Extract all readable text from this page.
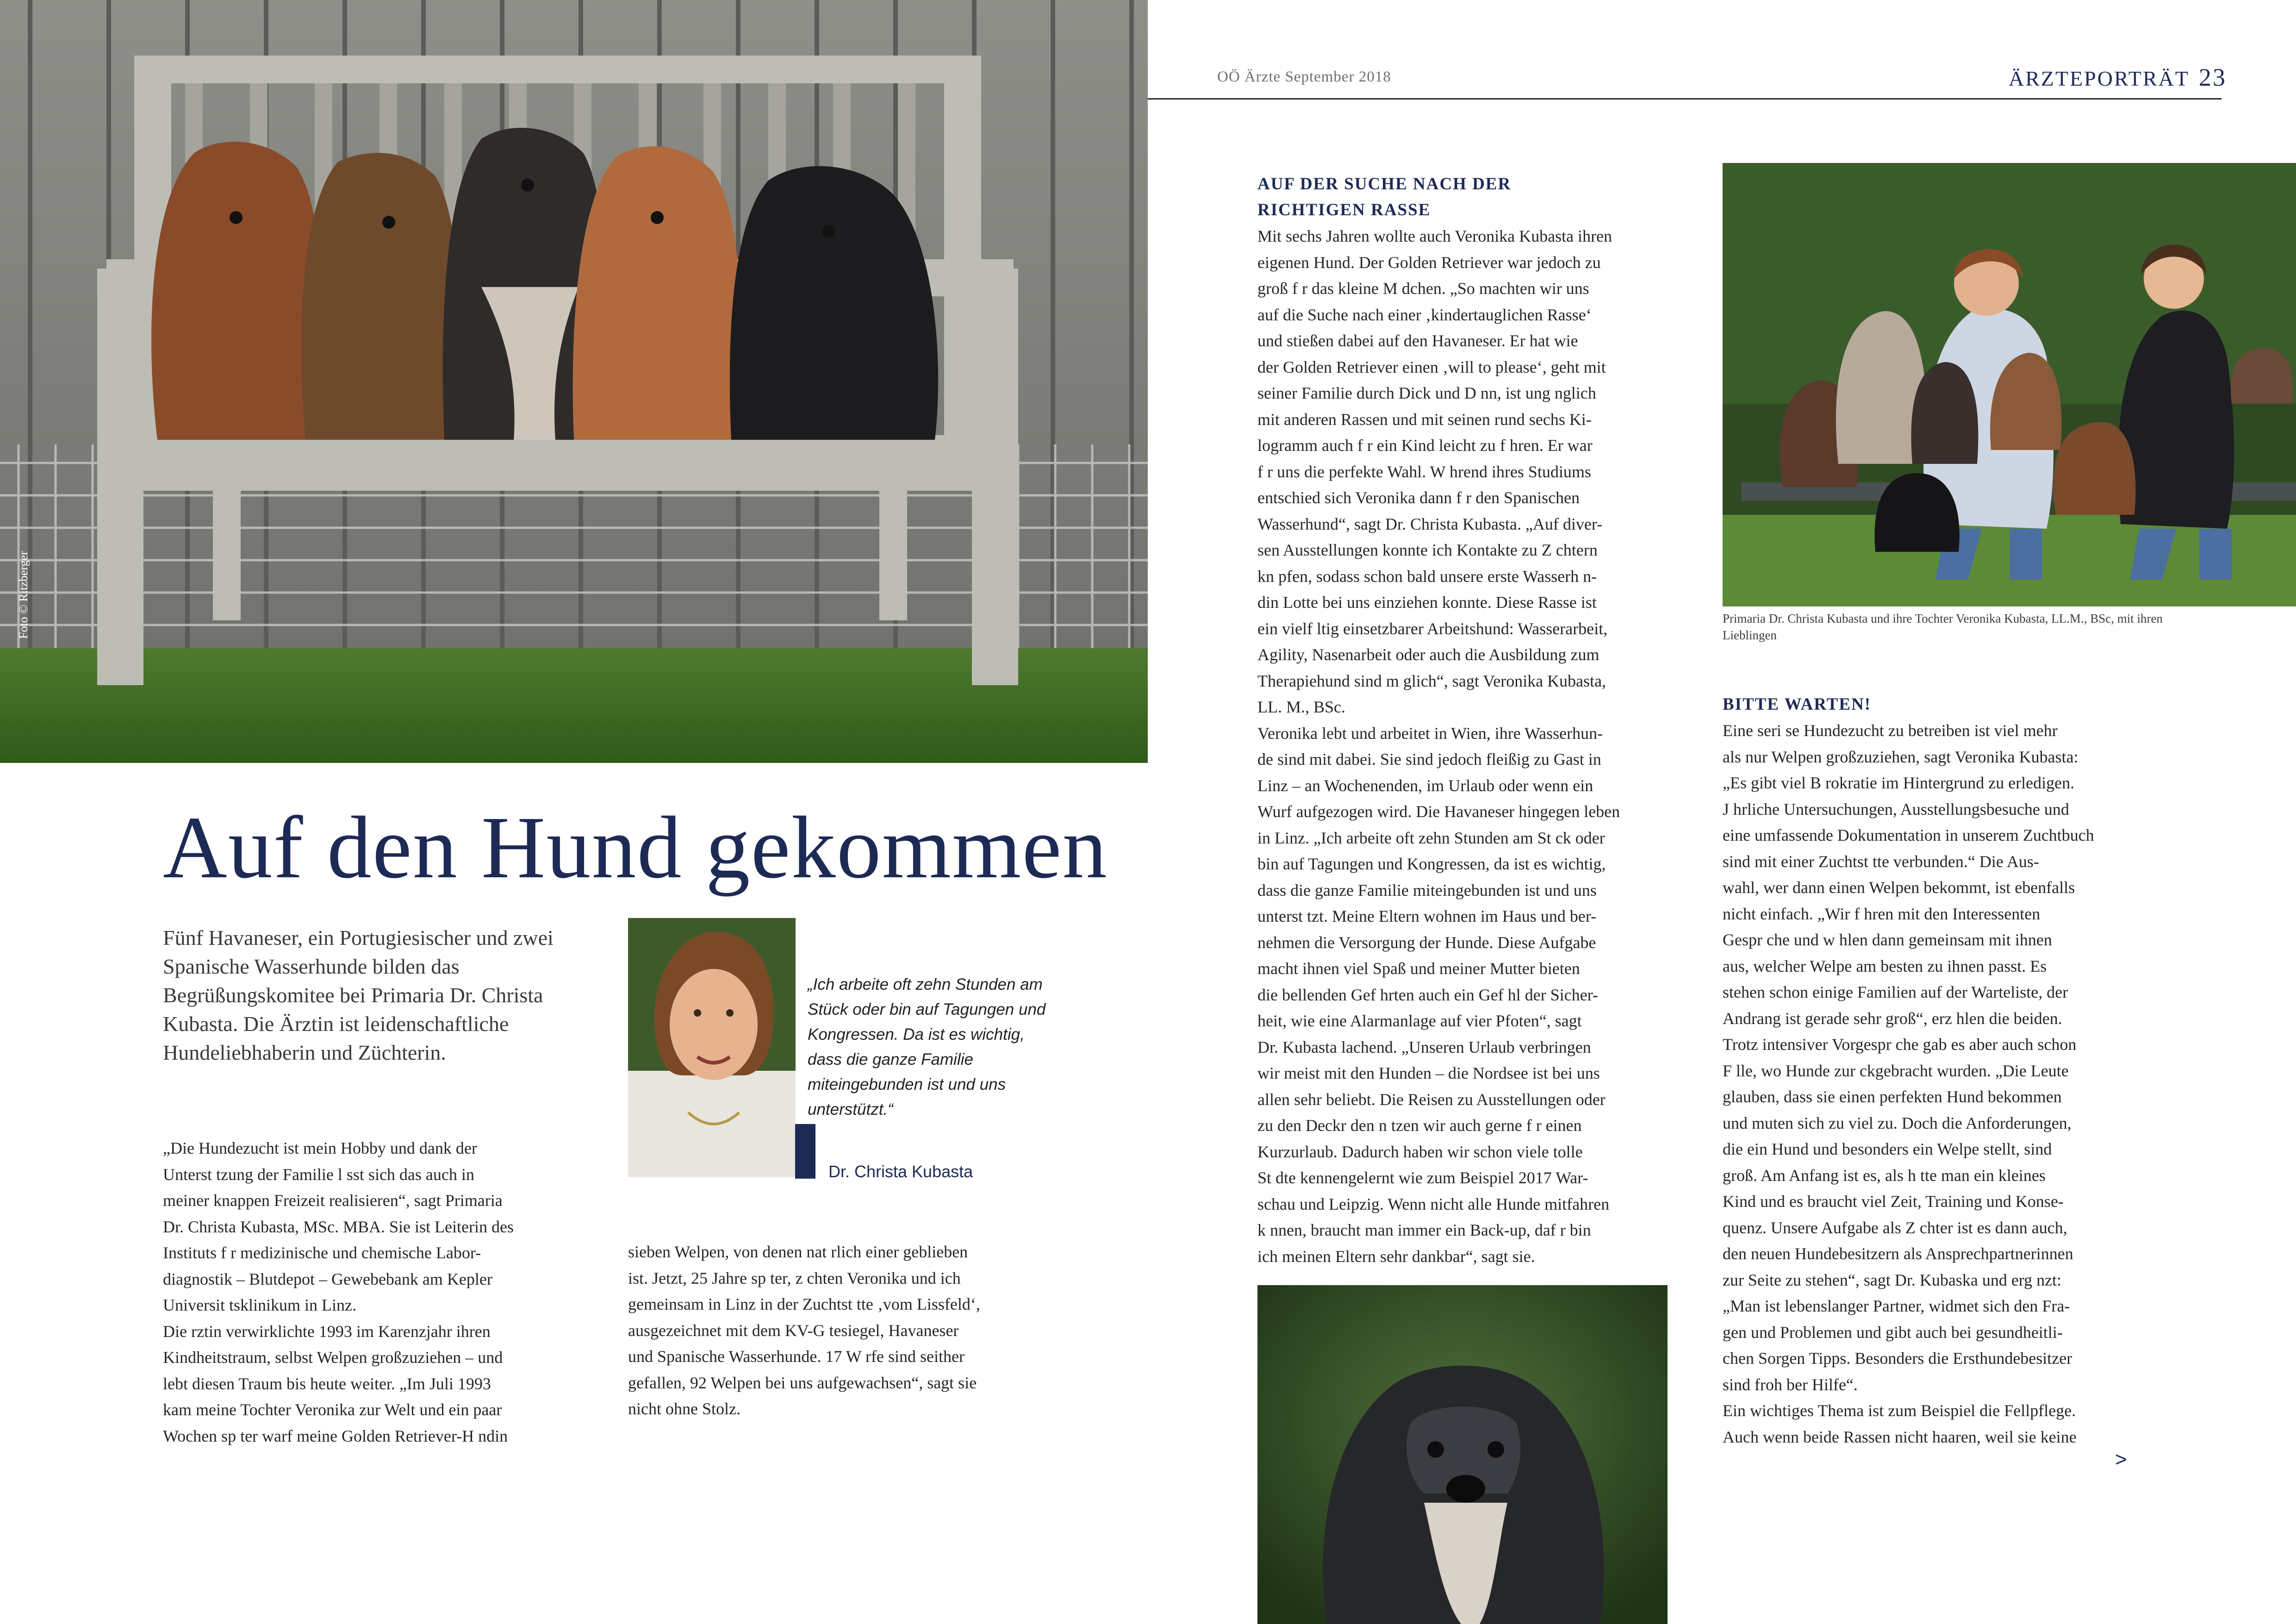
Foto © Ritzberger
OÖ Ärzte September 2018	ÄRZTEPORTRÄT 23
Auf den Hund gekommen
Fünf Havaneser, ein Portugiesischer und zwei Spanische Wasserhunde bilden das Begrüßungskomitee bei Primaria Dr. Christa Kubasta. Die Ärztin ist leidenschaftliche Hundeliebhaberin und Züchterin.
„Ich arbeite oft zehn Stunden am Stück oder bin auf Tagungen und Kongressen. Da ist es wichtig, dass die ganze Familie miteingebunden ist und uns unterstützt.“
Dr. Christa Kubasta
„Die Hundezucht ist mein Hobby und dank der
Unterst tzung der Familie l sst sich das auch in
meiner knappen Freizeit realisieren“, sagt Primaria
Dr. Christa Kubasta, MSc. MBA. Sie ist Leiterin des
Instituts f r medizinische und chemische Labor-
diagnostik – Blutdepot – Gewebebank am Kepler
Universit tsklinikum in Linz.
Die rztin verwirklichte 1993 im Karenzjahr ihren
Kindheitstraum, selbst Welpen großzuziehen – und
lebt diesen Traum bis heute weiter. „Im Juli 1993
kam meine Tochter Veronika zur Welt und ein paar
Wochen sp ter warf meine Golden Retriever-H ndin
sieben Welpen, von denen nat rlich einer geblieben
ist. Jetzt, 25 Jahre sp ter, z chten Veronika und ich
gemeinsam in Linz in der Zuchtst tte ‚vom Lissfeld‘,
ausgezeichnet mit dem KV-G tesiegel, Havaneser
und Spanische Wasserhunde. 17 W rfe sind seither
gefallen, 92 Welpen bei uns aufgewachsen“, sagt sie
nicht ohne Stolz.
AUF DER SUCHE NACH DER RICHTIGEN RASSE
Mit sechs Jahren wollte auch Veronika Kubasta ihren
eigenen Hund. Der Golden Retriever war jedoch zu
groß f r das kleine M dchen. „So machten wir uns
auf die Suche nach einer ‚kindertauglichen Rasse‘
und stießen dabei auf den Havaneser. Er hat wie
der Golden Retriever einen ‚will to please‘, geht mit
seiner Familie durch Dick und D nn, ist ung nglich
mit anderen Rassen und mit seinen rund sechs Ki-
logramm auch f r ein Kind leicht zu f hren. Er war
f r uns die perfekte Wahl. W hrend ihres Studiums
entschied sich Veronika dann f r den Spanischen
Wasserhund“, sagt Dr. Christa Kubasta. „Auf diver-
sen Ausstellungen konnte ich Kontakte zu Z chtern
kn pfen, sodass schon bald unsere erste Wasserh n-
din Lotte bei uns einziehen konnte. Diese Rasse ist
ein vielf ltig einsetzbarer Arbeitshund: Wasserarbeit,
Agility, Nasenarbeit oder auch die Ausbildung zum
Therapiehund sind m glich“, sagt Veronika Kubasta,
LL. M., BSc.
Veronika lebt und arbeitet in Wien, ihre Wasserhun-
de sind mit dabei. Sie sind jedoch fleißig zu Gast in
Linz – an Wochenenden, im Urlaub oder wenn ein
Wurf aufgezogen wird. Die Havaneser hingegen leben
in Linz. „Ich arbeite oft zehn Stunden am St ck oder
bin auf Tagungen und Kongressen, da ist es wichtig,
dass die ganze Familie miteingebunden ist und uns
unterst tzt. Meine Eltern wohnen im Haus und ber-
nehmen die Versorgung der Hunde. Diese Aufgabe
macht ihnen viel Spaß und meiner Mutter bieten
die bellenden Gef hrten auch ein Gef hl der Sicher-
heit, wie eine Alarmanlage auf vier Pfoten“, sagt
Dr. Kubasta lachend. „Unseren Urlaub verbringen
wir meist mit den Hunden – die Nordsee ist bei uns
allen sehr beliebt. Die Reisen zu Ausstellungen oder
zu den Deckr den n tzen wir auch gerne f r einen
Kurzurlaub. Dadurch haben wir schon viele tolle
St dte kennengelernt wie zum Beispiel 2017 War-
schau und Leipzig. Wenn nicht alle Hunde mitfahren
k nnen, braucht man immer ein Back-up, daf r bin
ich meinen Eltern sehr dankbar“, sagt sie.
Primaria Dr. Christa Kubasta und ihre Tochter Veronika Kubasta, LL.M., BSc, mit ihren Lieblingen
BITTE WARTEN!
Eine seri se Hundezucht zu betreiben ist viel mehr
als nur Welpen großzuziehen, sagt Veronika Kubasta:
„Es gibt viel B rokratie im Hintergrund zu erledigen.
J hrliche Untersuchungen, Ausstellungsbesuche und
eine umfassende Dokumentation in unserem Zuchtbuch
sind mit einer Zuchtst tte verbunden.“ Die Aus-
wahl, wer dann einen Welpen bekommt, ist ebenfalls
nicht einfach. „Wir f hren mit den Interessenten
Gespr che und w hlen dann gemeinsam mit ihnen
aus, welcher Welpe am besten zu ihnen passt. Es
stehen schon einige Familien auf der Warteliste, der
Andrang ist gerade sehr groß“, erz hlen die beiden.
Trotz intensiver Vorgespr che gab es aber auch schon
F lle, wo Hunde zur ckgebracht wurden. „Die Leute
glauben, dass sie einen perfekten Hund bekommen
und muten sich zu viel zu. Doch die Anforderungen,
die ein Hund und besonders ein Welpe stellt, sind
groß. Am Anfang ist es, als h tte man ein kleines
Kind und es braucht viel Zeit, Training und Konse-
quenz. Unsere Aufgabe als Z chter ist es dann auch,
den neuen Hundebesitzern als Ansprechpartnerinnen
zur Seite zu stehen“, sagt Dr. Kubaska und erg nzt:
„Man ist lebenslanger Partner, widmet sich den Fra-
gen und Problemen und gibt auch bei gesundheitli-
chen Sorgen Tipps. Besonders die Ersthundebesitzer
sind froh ber Hilfe“.
Ein wichtiges Thema ist zum Beispiel die Fellpflege.
Auch wenn beide Rassen nicht haaren, weil sie keine
>
